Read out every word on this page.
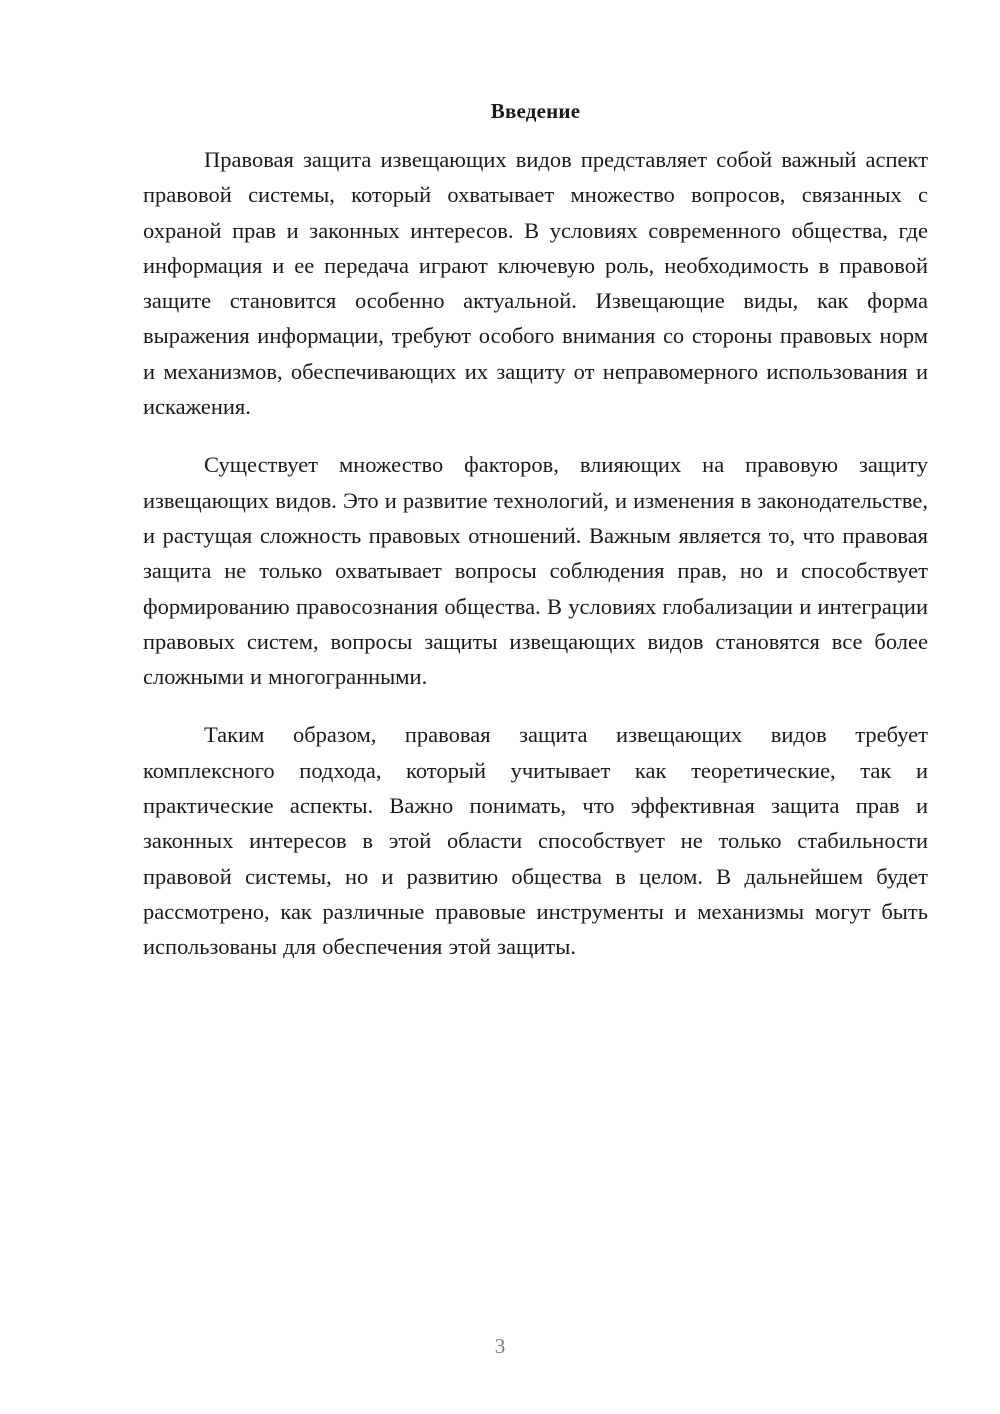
Введение

Правовая защита извещающих видов представляет собой важный аспект правовой системы, который охватывает множество вопросов, связанных с охраной прав и законных интересов. В условиях современного общества, где информация и ее передача играют ключевую роль, необходимость в правовой защите становится особенно актуальной. Извещающие виды, как форма выражения информации, требуют особого внимания со стороны правовых норм и механизмов, обеспечивающих их защиту от неправомерного использования и искажения.

Существует множество факторов, влияющих на правовую защиту извещающих видов. Это и развитие технологий, и изменения в законодательстве, и растущая сложность правовых отношений. Важным является то, что правовая защита не только охватывает вопросы соблюдения прав, но и способствует формированию правосознания общества. В условиях глобализации и интеграции правовых систем, вопросы защиты извещающих видов становятся все более сложными и многогранными.

Таким образом, правовая защита извещающих видов требует комплексного подхода, который учитывает как теоретические, так и практические аспекты. Важно понимать, что эффективная защита прав и законных интересов в этой области способствует не только стабильности правовой системы, но и развитию общества в целом. В дальнейшем будет рассмотрено, как различные правовые инструменты и механизмы могут быть использованы для обеспечения этой защиты.

3
